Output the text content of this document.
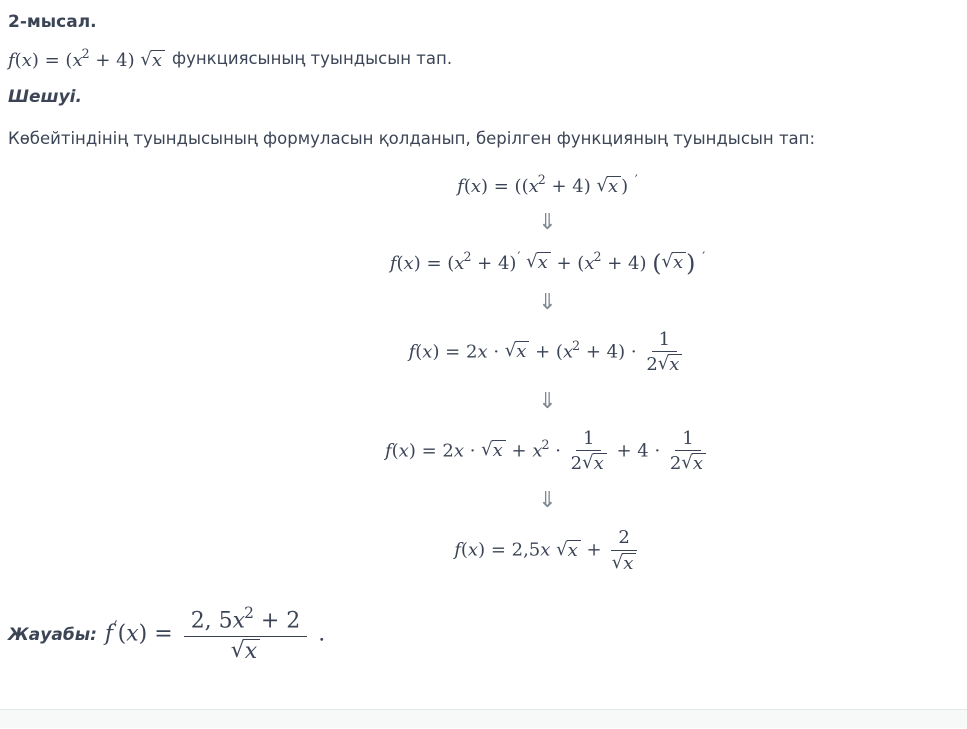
2-мысал.
$f(x) = (x^2 + 4)$ √x функциясының туындысын тап.
Шешуі.
Көбейтіндінің туындысының формуласын қолданып, берілген функцияның туындысын тап:
$f(x) = ((x^2 + 4)$ √x ) ′
⇓
$f(x) = (x^2 + 4)'$ $√x + (x^2 + 4)$ (√x ) ′
⇓
$f(x) = 2x \cdot √x + (x^2 + 4) \cdot \frac{1}{2√x}$
⇓
$f(x) = 2x \cdot √x + x^2 \cdot \frac{1}{2√x} + 4 \cdot \frac{1}{2√x}$
⇓
f(x) = 2,5x $√x + \frac{2}{√x}$
Жауабы: $f'(x) = \frac{2, 5x^2 + 2}{√x}$ .
